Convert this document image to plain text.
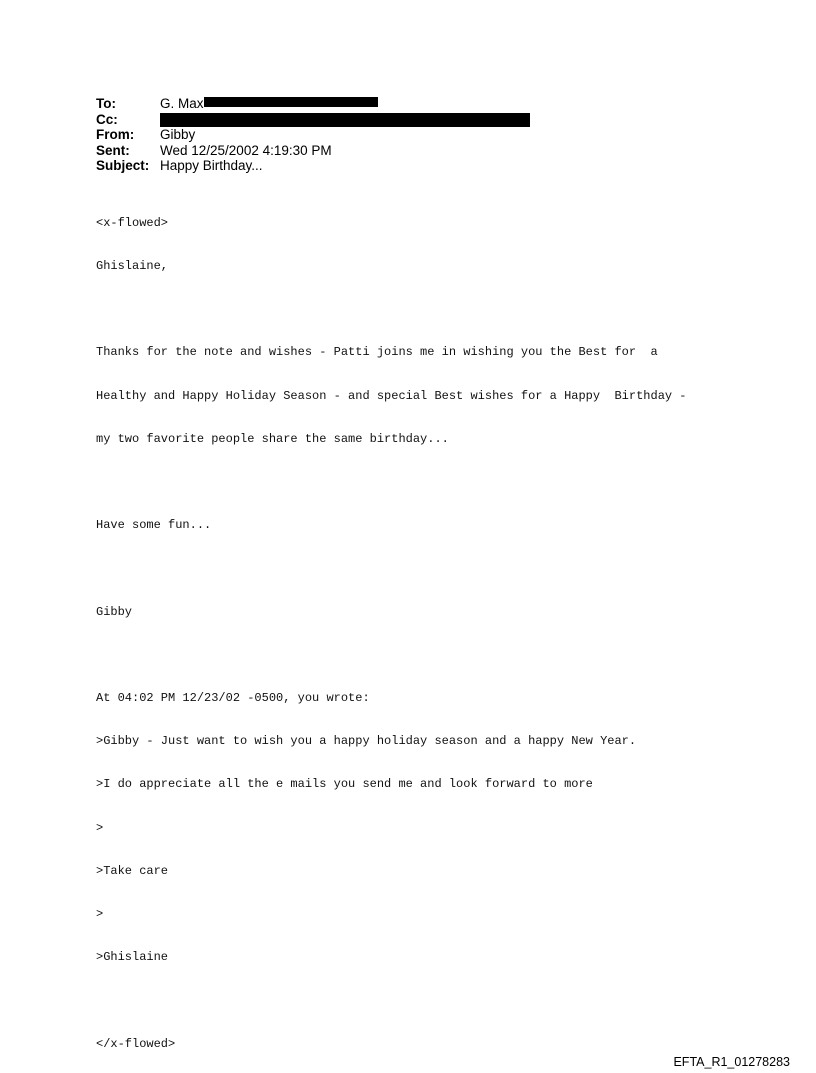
To:	G. Max
Cc:
From:	Gibby
Sent:	Wed 12/25/2002 4:19:30 PM
Subject: Happy Birthday...

<x-flowed>

Ghislaine,

Thanks for the note and wishes - Patti joins me in wishing you the Best for  a

Healthy and Happy Holiday Season - and special Best wishes for a Happy  Birthday -

my two favorite people share the same birthday...

Have some fun...

Gibby

At 04:02 PM 12/23/02 -0500, you wrote:

>Gibby - Just want to wish you a happy holiday season and a happy New Year.

>I do appreciate all the e mails you send me and look forward to more

>

>Take care

>

>Ghislaine

</x-flowed>

EFTA_R1_01278283
